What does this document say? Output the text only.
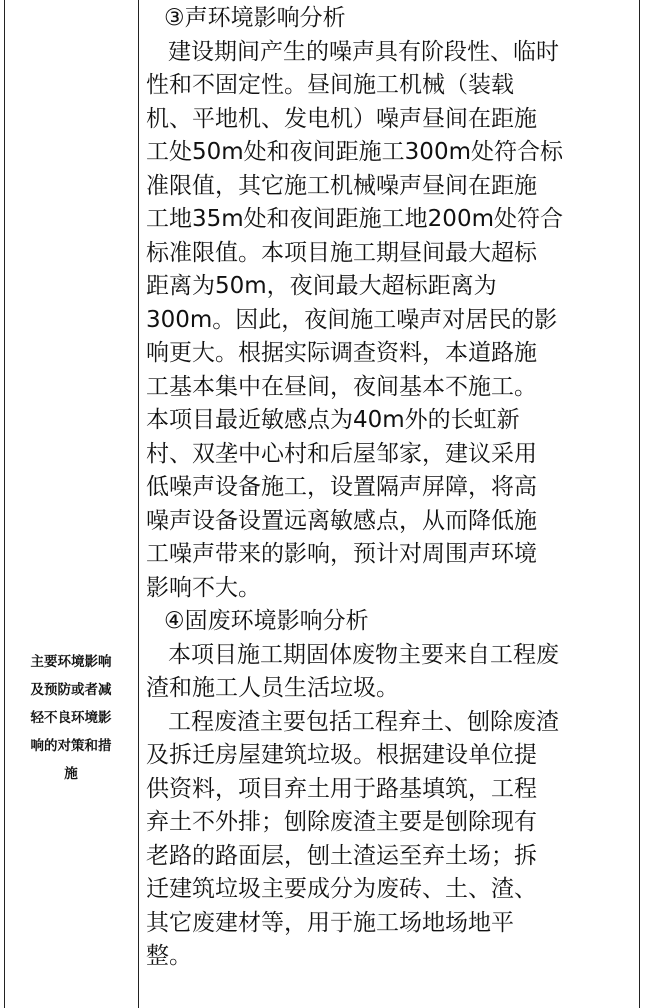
主要环境影响
及预防或者减
轻不良环境影
响的对策和措
施
③声环境影响分析
建设期间产生的噪声具有阶段性、临时
性和不固定性。昼间施工机械（装载
机、平地机、发电机）噪声昼间在距施
工处50m处和夜间距施工300m处符合标
准限值，其它施工机械噪声昼间在距施
工地35m处和夜间距施工地200m处符合
标准限值。本项目施工期昼间最大超标
距离为50m，夜间最大超标距离为
300m。因此，夜间施工噪声对居民的影
响更大。根据实际调查资料，本道路施
工基本集中在昼间，夜间基本不施工。
本项目最近敏感点为40m外的长虹新
村、双垄中心村和后屋邹家，建议采用
低噪声设备施工，设置隔声屏障，将高
噪声设备设置远离敏感点，从而降低施
工噪声带来的影响，预计对周围声环境
影响不大。
④固废环境影响分析
本项目施工期固体废物主要来自工程废
渣和施工人员生活垃圾。
工程废渣主要包括工程弃土、刨除废渣
及拆迁房屋建筑垃圾。根据建设单位提
供资料，项目弃土用于路基填筑，工程
弃土不外排；刨除废渣主要是刨除现有
老路的路面层，刨土渣运至弃土场；拆
迁建筑垃圾主要成分为废砖、土、渣、
其它废建材等，用于施工场地场地平
整。
